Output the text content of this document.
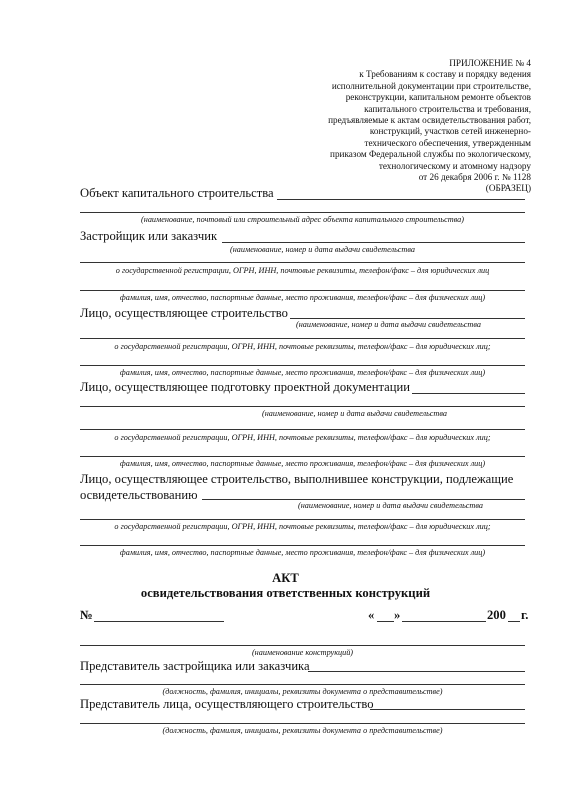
ПРИЛОЖЕНИЕ № 4
к Требованиям к составу и порядку ведения
исполнительной документации при строительстве,
реконструкции, капитальном ремонте объектов
капитального строительства и требования,
предъявляемые к актам освидетельствования работ,
конструкций, участков сетей инженерно-
технического обеспечения, утвержденным
приказом Федеральной службы по экологическому,
технологическому и атомному надзору
от 26 декабря 2006 г. № 1128
(ОБРАЗЕЦ)
Объект капитального строительства
(наименование, почтовый или строительный адрес объекта капитального строительства)
Застройщик или заказчик
(наименование, номер и дата выдачи свидетельства
о государственной регистрации, ОГРН, ИНН, почтовые реквизиты, телефон/факс – для юридических лиц
фамилия, имя, отчество, паспортные данные, место проживания, телефон/факс – для физических лиц)
Лицо, осуществляющее строительство
(наименование, номер и дата выдачи свидетельства
о государственной регистрации, ОГРН, ИНН, почтовые реквизиты, телефон/факс – для юридических лиц;
фамилия, имя, отчество, паспортные данные, место проживания, телефон/факс – для физических лиц)
Лицо, осуществляющее подготовку проектной документации
(наименование, номер и дата выдачи свидетельства
о государственной регистрации, ОГРН, ИНН, почтовые реквизиты, телефон/факс – для юридических лиц;
фамилия, имя, отчество, паспортные данные, место проживания, телефон/факс – для физических лиц)
Лицо, осуществляющее строительство, выполнившее конструкции, подлежащие
освидетельствованию
(наименование, номер и дата выдачи свидетельства
о государственной регистрации, ОГРН, ИНН, почтовые реквизиты, телефон/факс – для юридических лиц;
фамилия, имя, отчество, паспортные данные, место проживания, телефон/факс – для физических лиц)
АКТ
освидетельствования ответственных конструкций
№	« »	200 г.
(наименование конструкций)
Представитель застройщика или заказчика
(должность, фамилия, инициалы, реквизиты документа о представительстве)
Представитель лица, осуществляющего строительство
(должность, фамилия, инициалы, реквизиты документа о представительстве)
